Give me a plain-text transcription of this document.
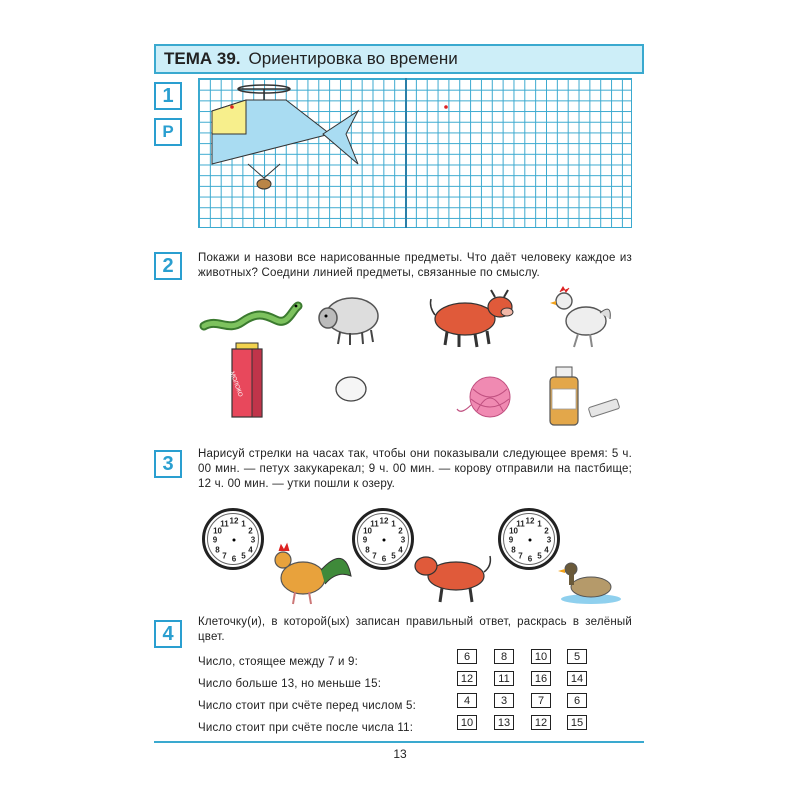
ТЕМА 39. Ориентировка во времени
1
Р
2	Покажи и назови все нарисованные предметы. Что даёт человеку каждое из животных? Соедини линией предметы, связанные по смыслу.
МОЛОКО
3	Нарисуй стрелки на часах так, чтобы они показывали следующее время: 5 ч. 00 мин. — петух закукарекал; 9 ч. 00 мин. — корову отправили на пастбище; 12 ч. 00 мин. — утки пошли к озеру.
12 1
2
3
4
5
6
7
8
9
10
11	12 1
2
3
4
5
6
7
8
9
10
11	12 1
2
3
4
5
6
7
8
9
10
11
4
Клеточку(и), в которой(ых) записан правильный ответ, раскрась в зелёный цвет.
Число, стоящее между 7 и 9:	6	8	10	5
Число больше 13, но меньше 15:	12	11	16	14
Число стоит при счёте перед числом 5:	4	3	7	6
Число стоит при счёте после числа 11:	10	13	12	15
13
